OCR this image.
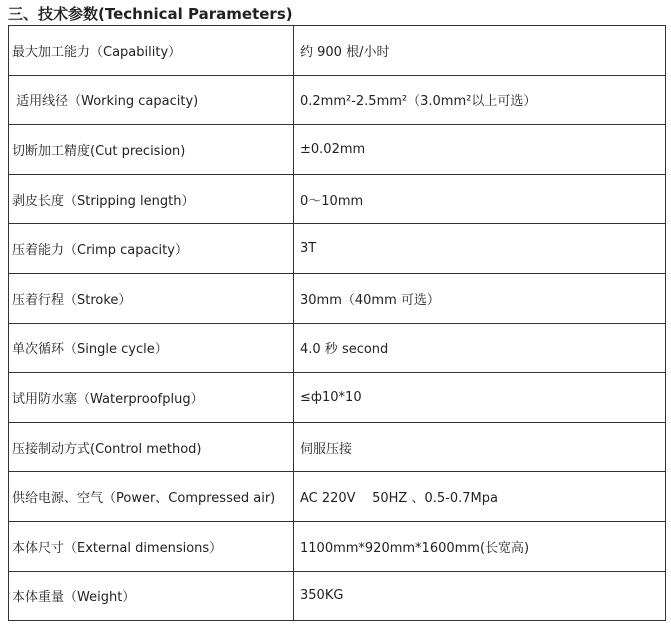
三、技术参数(Technical Parameters)
最大加工能力（Capability）	约 900 根/小时
适用线径（Working capacity)	0.2mm²-2.5mm²（3.0mm²以上可选）
切断加工精度(Cut precision)	±0.02mm
剥皮长度（Stripping length）	0～10mm
压着能力（Crimp capacity）	3T
压着行程（Stroke）	30mm（40mm 可选）
单次循环（Single cycle）	4.0 秒 second
试用防水塞（Waterproofplug）	≤ф10*10
压接制动方式(Control method)	伺服压接
供给电源、空气（Power、Compressed air)	AC 220V    50HZ 、0.5-0.7Mpa
本体尺寸（External dimensions）	1100mm*920mm*1600mm(长宽高)
本体重量（Weight）	350KG
